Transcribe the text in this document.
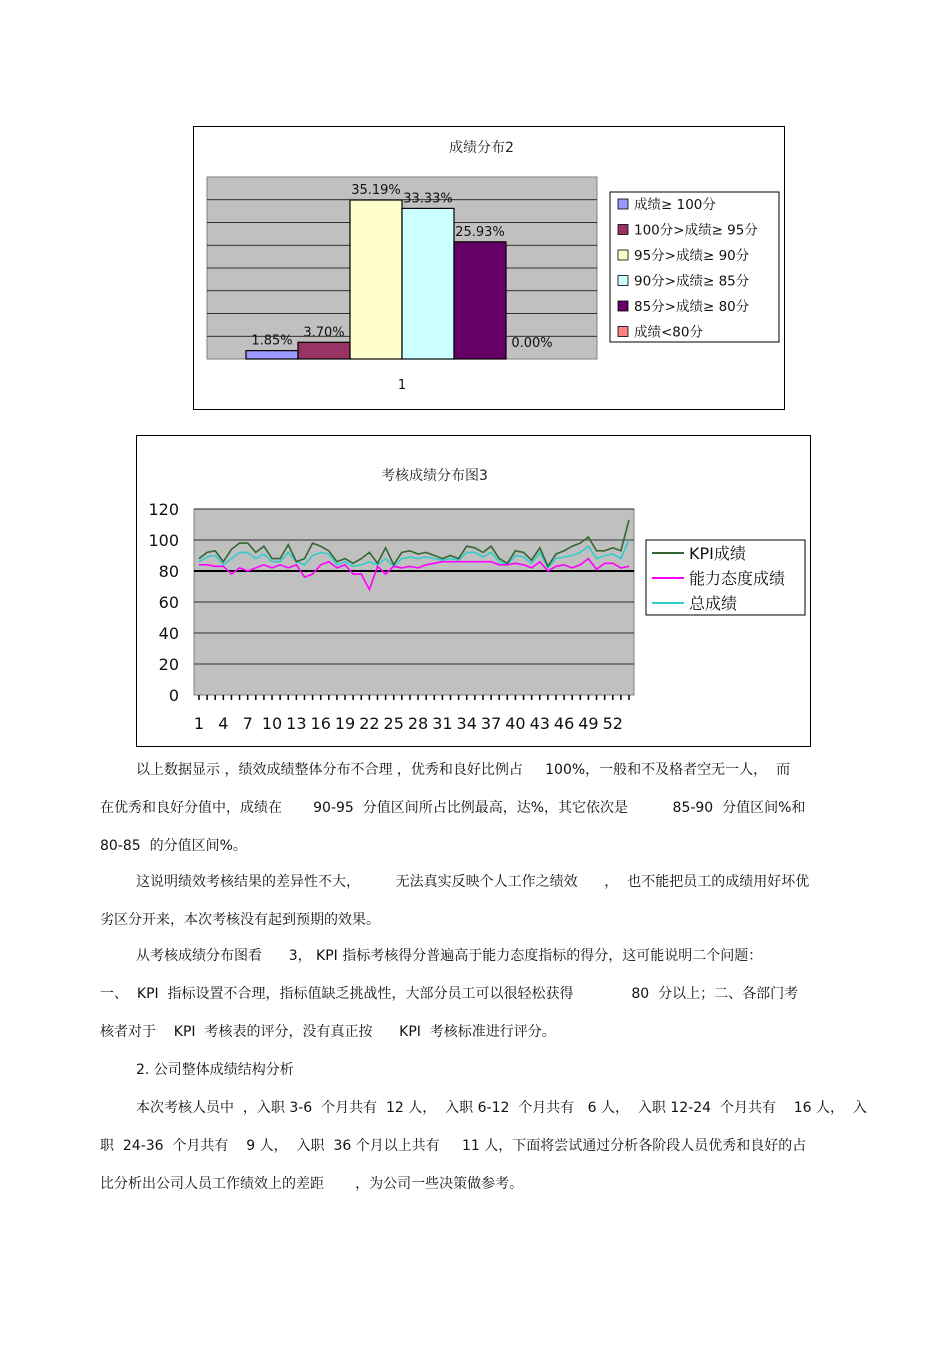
成绩分布2
1.85%
3.70%
35.19%
33.33%
25.93%
0.00%
1
成绩≥ 100分
100分>成绩≥ 95分
95分>成绩≥ 90分
90分>成绩≥ 85分
85分>成绩≥ 80分
成绩<80分
考核成绩分布图3
120
100
80
60
40
20
0
1 4 7 10 13 16 19 22 25 28 31 34 37 40 43 46 49 52
KPI成绩
能力态度成绩
总成绩
以上数据显示 ，绩效成绩整体分布不合理 ，优秀和良好比例占     100%，一般和不及格者空无一人，  而
在优秀和良好分值中，成绩在       90-95  分值区间所占比例最高，达%，其它依次是          85-90  分值区间%和
80-85  的分值区间%。
这说明绩效考核结果的差异性不大，        无法真实反映个人工作之绩效      ，  也不能把员工的成绩用好坏优
劣区分开来，本次考核没有起到预期的效果。
从考核成绩分布图看      3， KPI 指标考核得分普遍高于能力态度指标的得分，这可能说明二个问题：
一、  KPI  指标设置不合理，指标值缺乏挑战性，大部分员工可以很轻松获得             80  分以上；二、各部门考
核者对于    KPI  考核表的评分，没有真正按      KPI  考核标准进行评分。
2. 公司整体成绩结构分析
本次考核人员中  ，入职 3-6  个月共有  12 人，  入职 6-12  个月共有   6 人，  入职 12-24  个月共有    16 人，  入
职  24-36  个月共有    9 人，  入职  36 个月以上共有     11 人，下面将尝试通过分析各阶段人员优秀和良好的占
比分析出公司人员工作绩效上的差距       ，为公司一些决策做参考。
